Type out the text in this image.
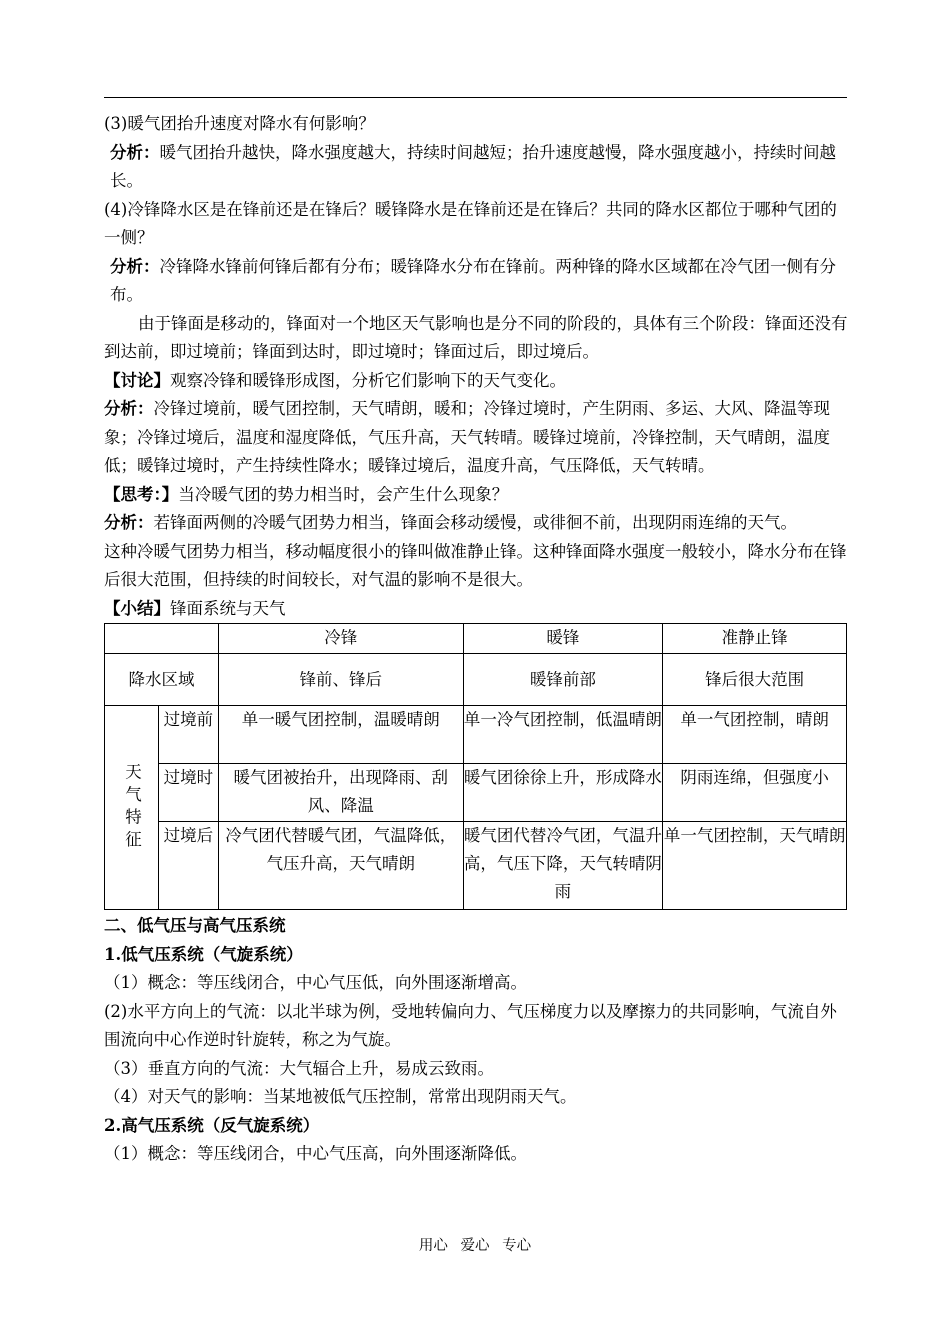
(3)暖气团抬升速度对降水有何影响？

分析：暖气团抬升越快，降水强度越大，持续时间越短；抬升速度越慢，降水强度越小，持续时间越长。

(4)冷锋降水区是在锋前还是在锋后？暖锋降水是在锋前还是在锋后？共同的降水区都位于哪种气团的一侧？

分析：冷锋降水锋前何锋后都有分布；暖锋降水分布在锋前。两种锋的降水区域都在冷气团一侧有分布。

由于锋面是移动的，锋面对一个地区天气影响也是分不同的阶段的，具体有三个阶段：锋面还没有到达前，即过境前；锋面到达时，即过境时；锋面过后，即过境后。

【讨论】观察冷锋和暖锋形成图，分析它们影响下的天气变化。

分析：冷锋过境前，暖气团控制，天气晴朗，暖和；冷锋过境时，产生阴雨、多运、大风、降温等现象；冷锋过境后，温度和湿度降低，气压升高，天气转晴。暖锋过境前，冷锋控制，天气晴朗，温度低；暖锋过境时，产生持续性降水；暖锋过境后，温度升高，气压降低，天气转晴。

【思考：】当冷暖气团的势力相当时，会产生什么现象？

分析：若锋面两侧的冷暖气团势力相当，锋面会移动缓慢，或徘徊不前，出现阴雨连绵的天气。

这种冷暖气团势力相当，移动幅度很小的锋叫做准静止锋。这种锋面降水强度一般较小，降水分布在锋后很大范围，但持续的时间较长，对气温的影响不是很大。

【小结】锋面系统与天气

		冷锋	暖锋	准静止锋
降水区域		锋前、锋后	暖锋前部	锋后很大范围
天气特征	过境前	单一暖气团控制，温暖晴朗	单一冷气团控制，低温晴朗	单一气团控制，晴朗
	过境时	暖气团被抬升，出现降雨、刮风、降温	暖气团徐徐上升，形成降水	阴雨连绵，但强度小
	过境后	冷气团代替暖气团，气温降低，气压升高，天气晴朗	暖气团代替冷气团，气温升高，气压下降，天气转晴阴雨	单一气团控制，天气晴朗

二、低气压与高气压系统

1.低气压系统（气旋系统）

（1）概念：等压线闭合，中心气压低，向外围逐渐增高。

(2)水平方向上的气流：以北半球为例，受地转偏向力、气压梯度力以及摩擦力的共同影响，气流自外围流向中心作逆时针旋转，称之为气旋。

（3）垂直方向的气流：大气辐合上升，易成云致雨。

（4）对天气的影响：当某地被低气压控制，常常出现阴雨天气。

2.高气压系统（反气旋系统）

（1）概念：等压线闭合，中心气压高，向外围逐渐降低。

用心 爱心 专心
